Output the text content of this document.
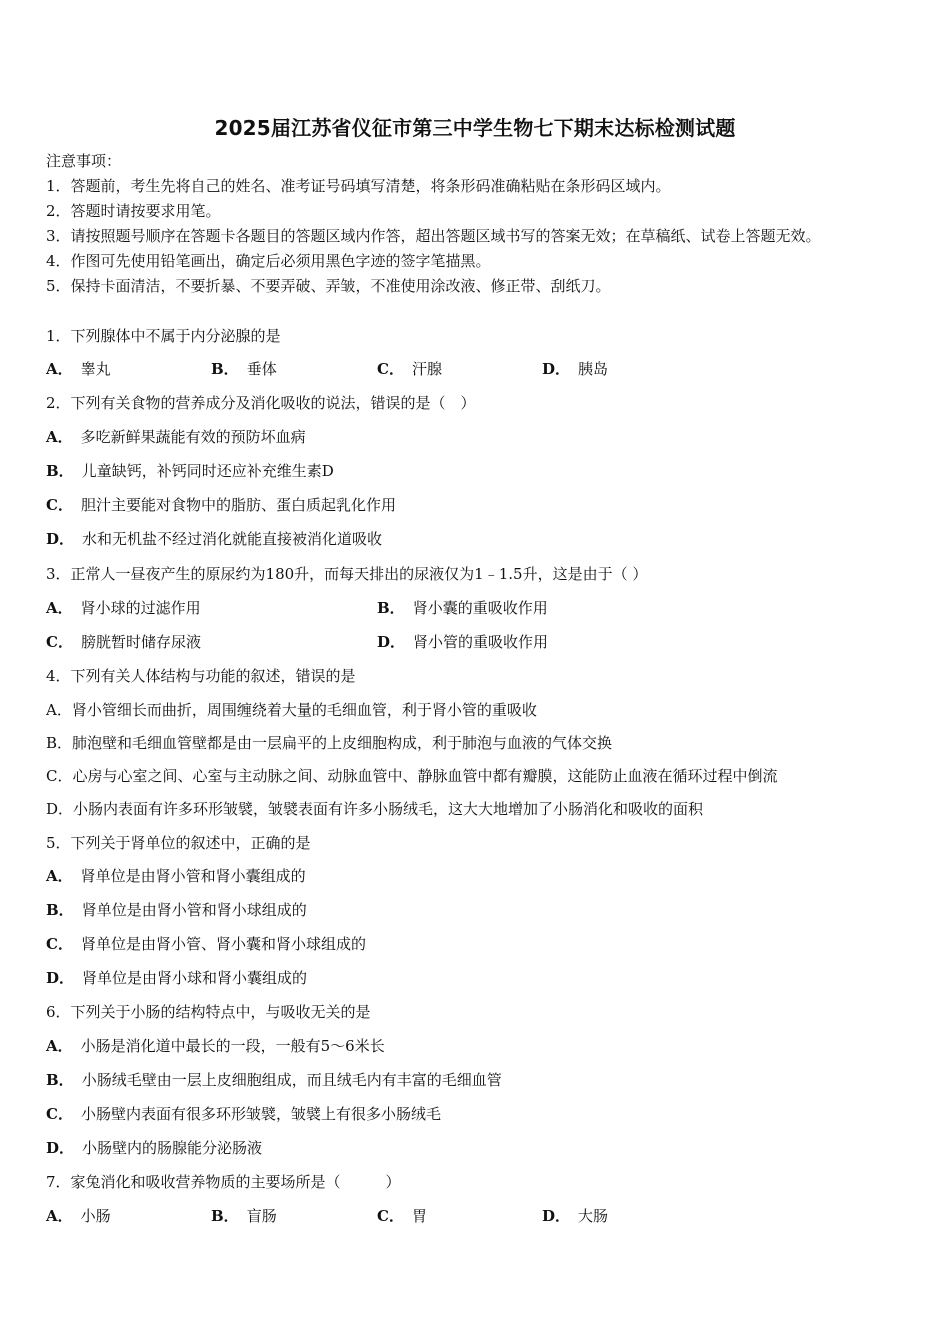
2025届江苏省仪征市第三中学生物七下期末达标检测试题
注意事项：
1．答题前，考生先将自己的姓名、准考证号码填写清楚，将条形码准确粘贴在条形码区域内。
2．答题时请按要求用笔。
3．请按照题号顺序在答题卡各题目的答题区域内作答，超出答题区域书写的答案无效；在草稿纸、试卷上答题无效。
4．作图可先使用铅笔画出，确定后必须用黑色字迹的签字笔描黑。
5．保持卡面清洁，不要折暴、不要弄破、弄皱，不准使用涂改液、修正带、刮纸刀。
1．下列腺体中不属于内分泌腺的是
A． 睾丸	B． 垂体	C． 汗腺	D． 胰岛
2．下列有关食物的营养成分及消化吸收的说法，错误的是（　）
A． 多吃新鲜果蔬能有效的预防坏血病
B． 儿童缺钙，补钙同时还应补充维生素D
C． 胆汁主要能对食物中的脂肪、蛋白质起乳化作用
D． 水和无机盐不经过消化就能直接被消化道吸收
3．正常人一昼夜产生的原尿约为180升，而每天排出的尿液仅为1﹣1.5升，这是由于（ ）
A． 肾小球的过滤作用	B． 肾小囊的重吸收作用
C． 膀胱暂时储存尿液	D． 肾小管的重吸收作用
4．下列有关人体结构与功能的叙述，错误的是
A．肾小管细长而曲折，周围缠绕着大量的毛细血管，利于肾小管的重吸收
B．肺泡壁和毛细血管壁都是由一层扁平的上皮细胞构成，利于肺泡与血液的气体交换
C．心房与心室之间、心室与主动脉之间、动脉血管中、静脉血管中都有瓣膜，这能防止血液在循环过程中倒流
D．小肠内表面有许多环形皱襞，皱襞表面有许多小肠绒毛，这大大地增加了小肠消化和吸收的面积
5．下列关于肾单位的叙述中，正确的是
A． 肾单位是由肾小管和肾小囊组成的
B． 肾单位是由肾小管和肾小球组成的
C． 肾单位是由肾小管、肾小囊和肾小球组成的
D． 肾单位是由肾小球和肾小囊组成的
6．下列关于小肠的结构特点中，与吸收无关的是
A． 小肠是消化道中最长的一段，一般有5～6米长
B． 小肠绒毛壁由一层上皮细胞组成，而且绒毛内有丰富的毛细血管
C． 小肠壁内表面有很多环形皱襞，皱襞上有很多小肠绒毛
D． 小肠壁内的肠腺能分泌肠液
7．家兔消化和吸收营养物质的主要场所是（　　　）
A． 小肠	B． 盲肠	C． 胃	D． 大肠
